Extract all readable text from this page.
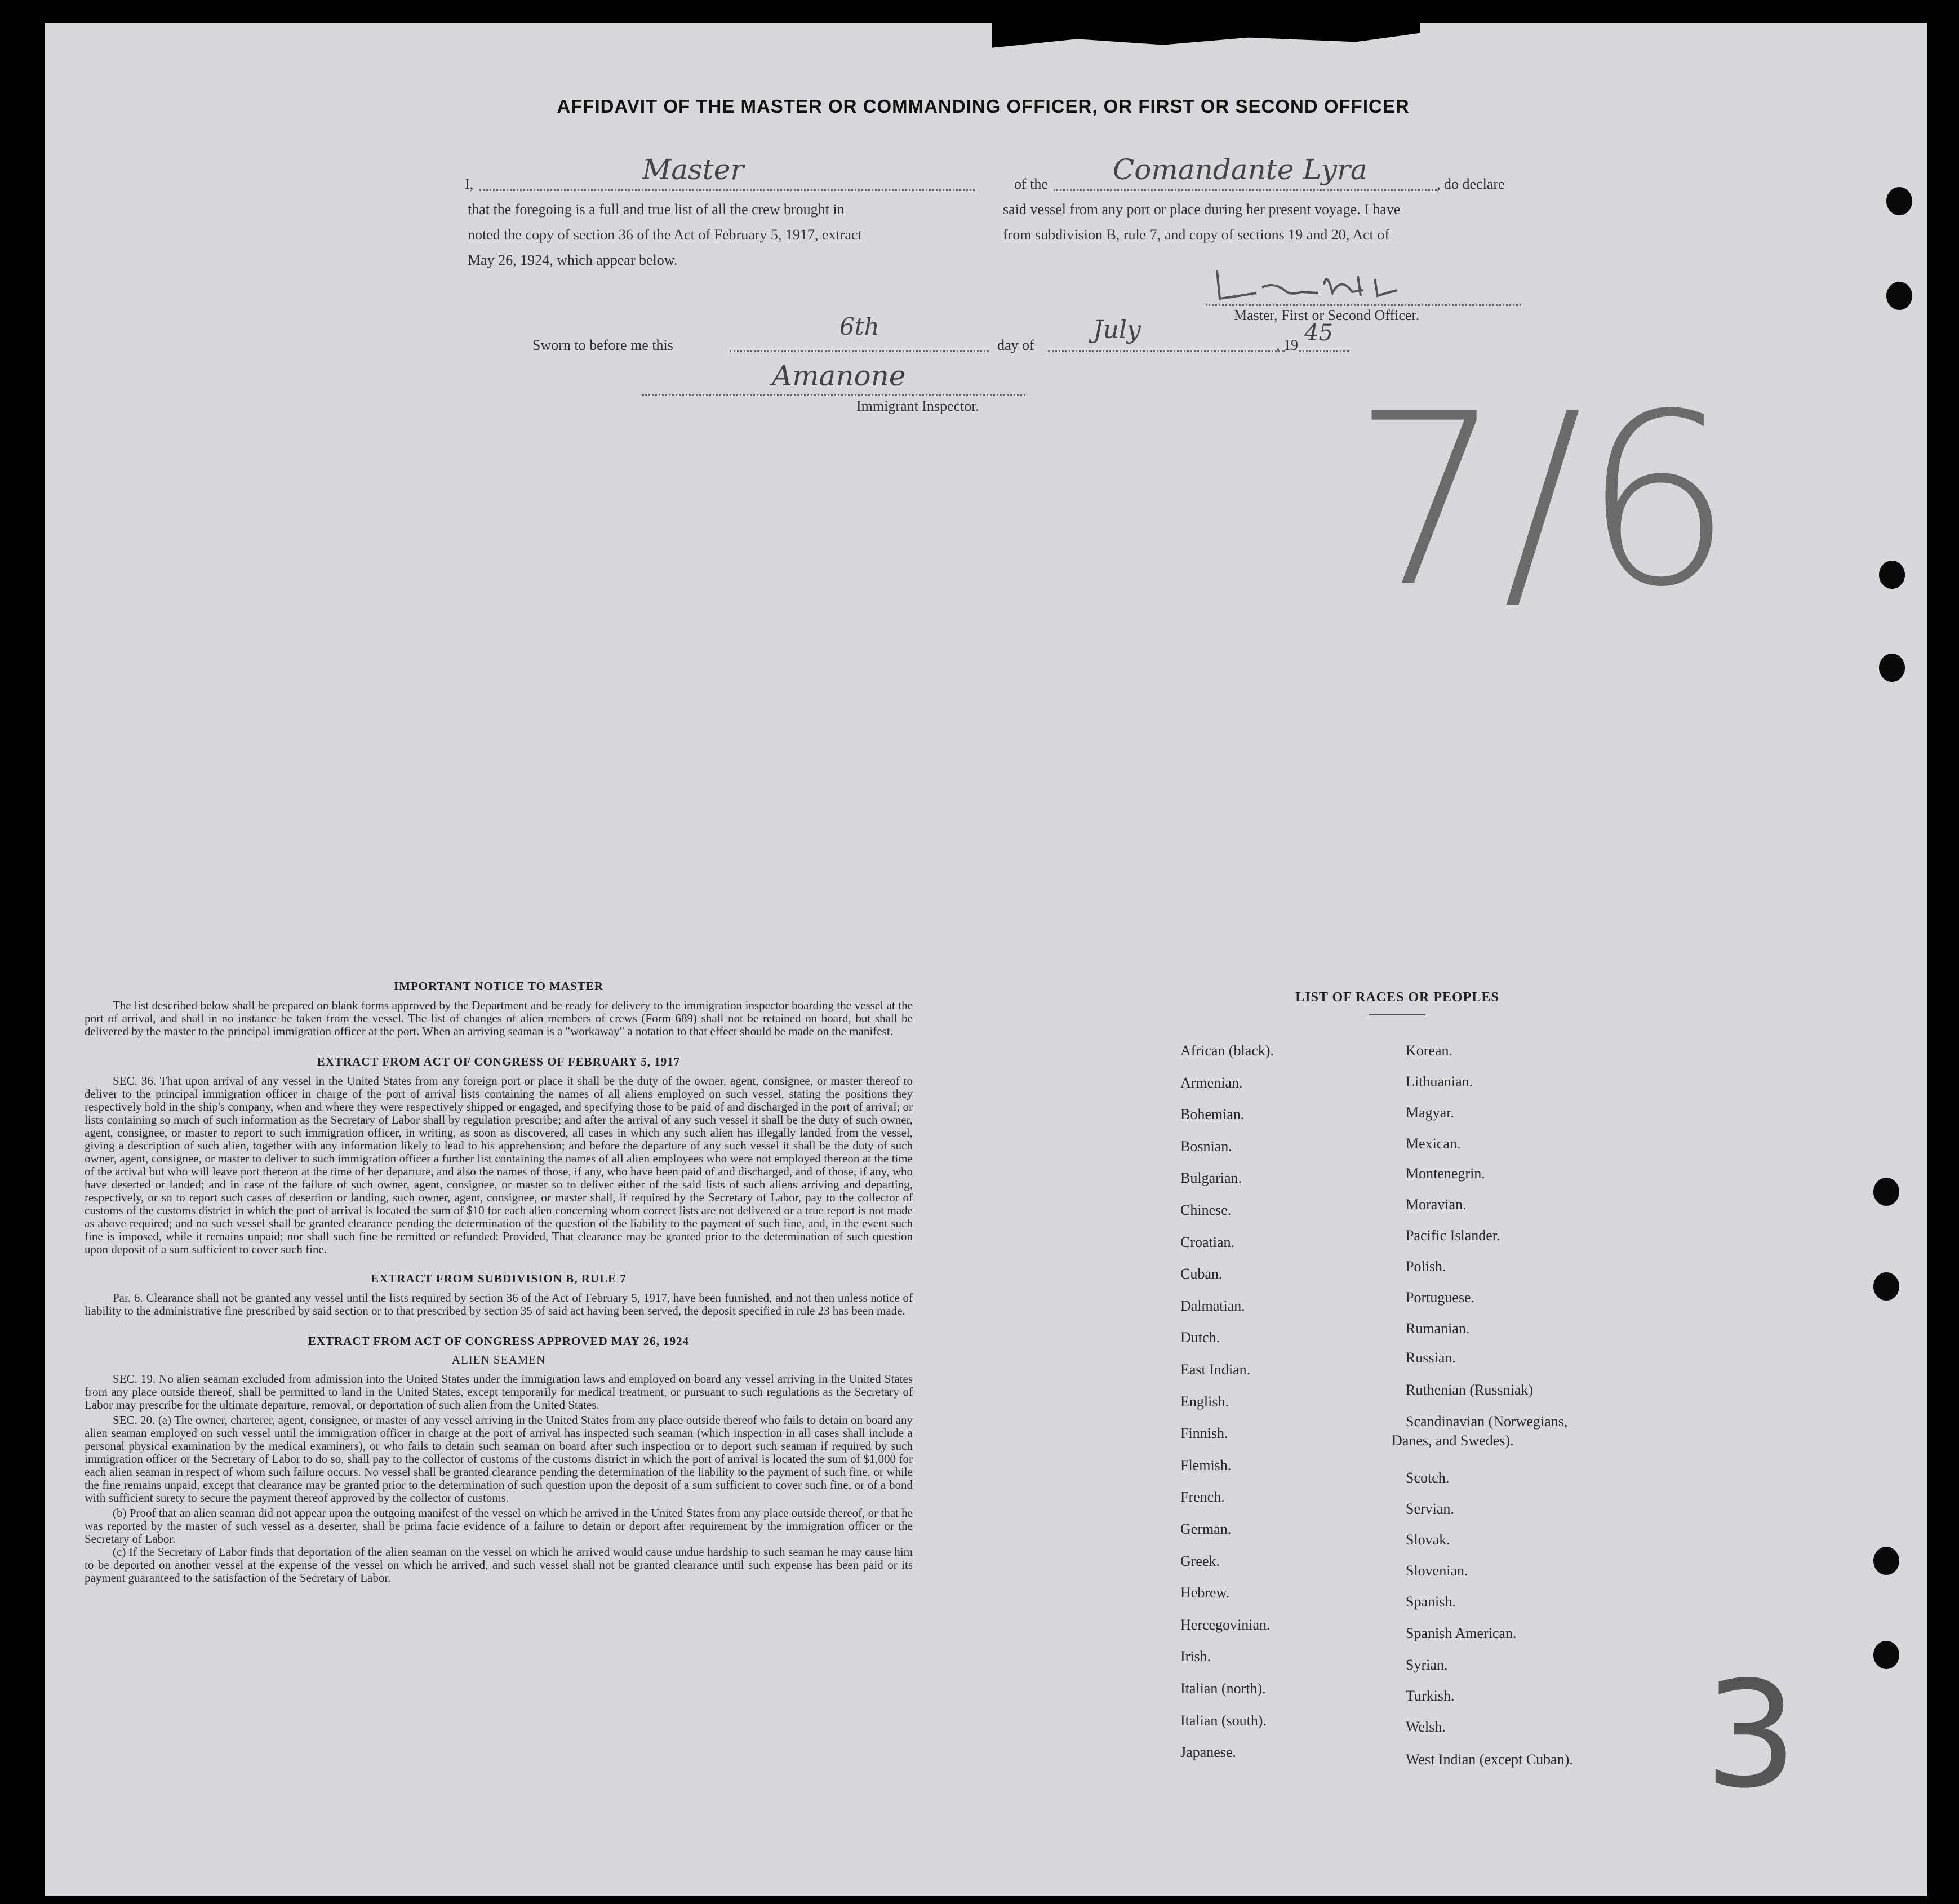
AFFIDAVIT OF THE MASTER OR COMMANDING OFFICER, OR FIRST OR SECOND OFFICER
I,	Master	of the Comandante Lyra	, do declare
that the foregoing is a full and true list of all the crew brought in	said vessel from any port or place during her present voyage. I have
noted the copy of section 36 of the Act of February 5, 1917, extract	from subdivision B, rule 7, and copy of sections 19 and 20, Act of
May 26, 1924, which appear below.
Master, First or Second Officer.
Sworn to before me this
6th
day of
July
, 19 45
Amanone
Immigrant Inspector. 7/6
3
IMPORTANT NOTICE TO MASTER
The list described below shall be prepared on blank forms approved by the Department and be ready for delivery to the immigration inspector boarding the vessel at the port of arrival, and shall in no instance be taken from the vessel. The list of changes of alien members of crews (Form 689) shall not be retained on board, but shall be delivered by the master to the principal immigration officer at the port. When an arriving seaman is a "workaway" a notation to that effect should be made on the manifest.
EXTRACT FROM ACT OF CONGRESS OF FEBRUARY 5, 1917
SEC. 36. That upon arrival of any vessel in the United States from any foreign port or place it shall be the duty of the owner, agent, consignee, or master thereof to deliver to the principal immigration officer in charge of the port of arrival lists containing the names of all aliens employed on such vessel, stating the positions they respectively hold in the ship's company, when and where they were respectively shipped or engaged, and specifying those to be paid of and discharged in the port of arrival; or lists containing so much of such information as the Secretary of Labor shall by regulation prescribe; and after the arrival of any such vessel it shall be the duty of such owner, agent, consignee, or master to report to such immigration officer, in writing, as soon as discovered, all cases in which any such alien has illegally landed from the vessel, giving a description of such alien, together with any information likely to lead to his apprehension; and before the departure of any such vessel it shall be the duty of such owner, agent, consignee, or master to deliver to such immigration officer a further list containing the names of all alien employees who were not employed thereon at the time of the arrival but who will leave port thereon at the time of her departure, and also the names of those, if any, who have been paid of and discharged, and of those, if any, who have deserted or landed; and in case of the failure of such owner, agent, consignee, or master so to deliver either of the said lists of such aliens arriving and departing, respectively, or so to report such cases of desertion or landing, such owner, agent, consignee, or master shall, if required by the Secretary of Labor, pay to the collector of customs of the customs district in which the port of arrival is located the sum of $10 for each alien concerning whom correct lists are not delivered or a true report is not made as above required; and no such vessel shall be granted clearance pending the determination of the question of the liability to the payment of such fine, and, in the event such fine is imposed, while it remains unpaid; nor shall such fine be remitted or refunded: Provided, That clearance may be granted prior to the determination of such question upon deposit of a sum sufficient to cover such fine.
EXTRACT FROM SUBDIVISION B, RULE 7
Par. 6. Clearance shall not be granted any vessel until the lists required by section 36 of the Act of February 5, 1917, have been furnished, and not then unless notice of liability to the administrative fine prescribed by said section or to that prescribed by section 35 of said act having been served, the deposit specified in rule 23 has been made.
EXTRACT FROM ACT OF CONGRESS APPROVED MAY 26, 1924
ALIEN SEAMEN
SEC. 19. No alien seaman excluded from admission into the United States under the immigration laws and employed on board any vessel arriving in the United States from any place outside thereof, shall be permitted to land in the United States, except temporarily for medical treatment, or pursuant to such regulations as the Secretary of Labor may prescribe for the ultimate departure, removal, or deportation of such alien from the United States.
SEC. 20. (a) The owner, charterer, agent, consignee, or master of any vessel arriving in the United States from any place outside thereof who fails to detain on board any alien seaman employed on such vessel until the immigration officer in charge at the port of arrival has inspected such seaman (which inspection in all cases shall include a personal physical examination by the medical examiners), or who fails to detain such seaman on board after such inspection or to deport such seaman if required by such immigration officer or the Secretary of Labor to do so, shall pay to the collector of customs of the customs district in which the port of arrival is located the sum of $1,000 for each alien seaman in respect of whom such failure occurs. No vessel shall be granted clearance pending the determination of the liability to the payment of such fine, or while the fine remains unpaid, except that clearance may be granted prior to the determination of such question upon the deposit of a sum sufficient to cover such fine, or of a bond with sufficient surety to secure the payment thereof approved by the collector of customs.
(b) Proof that an alien seaman did not appear upon the outgoing manifest of the vessel on which he arrived in the United States from any place outside thereof, or that he was reported by the master of such vessel as a deserter, shall be prima facie evidence of a failure to detain or deport after requirement by the immigration officer or the Secretary of Labor.
(c) If the Secretary of Labor finds that deportation of the alien seaman on the vessel on which he arrived would cause undue hardship to such seaman he may cause him to be deported on another vessel at the expense of the vessel on which he arrived, and such vessel shall not be granted clearance until such expense has been paid or its payment guaranteed to the satisfaction of the Secretary of Labor.
LIST OF RACES OR PEOPLES
African (black).
Armenian.
Bohemian.
Bosnian.
Bulgarian.
Chinese.
Croatian.
Cuban.
Dalmatian.
Dutch.
East Indian.
English.
Finnish.
Flemish.
French.
German.
Greek.
Hebrew.
Hercegovinian.
Irish.
Italian (north).
Italian (south).
Japanese.
Korean.
Lithuanian.
Magyar.
Mexican.
Montenegrin.
Moravian.
Pacific Islander.
Polish.
Portuguese.
Rumanian.
Russian.
Ruthenian (Russniak)
Scandinavian (Norwegians,
Danes, and Swedes).
Scotch.
Servian.
Slovak.
Slovenian.
Spanish.
Spanish American.
Syrian.
Turkish.
Welsh.
West Indian (except Cuban).
